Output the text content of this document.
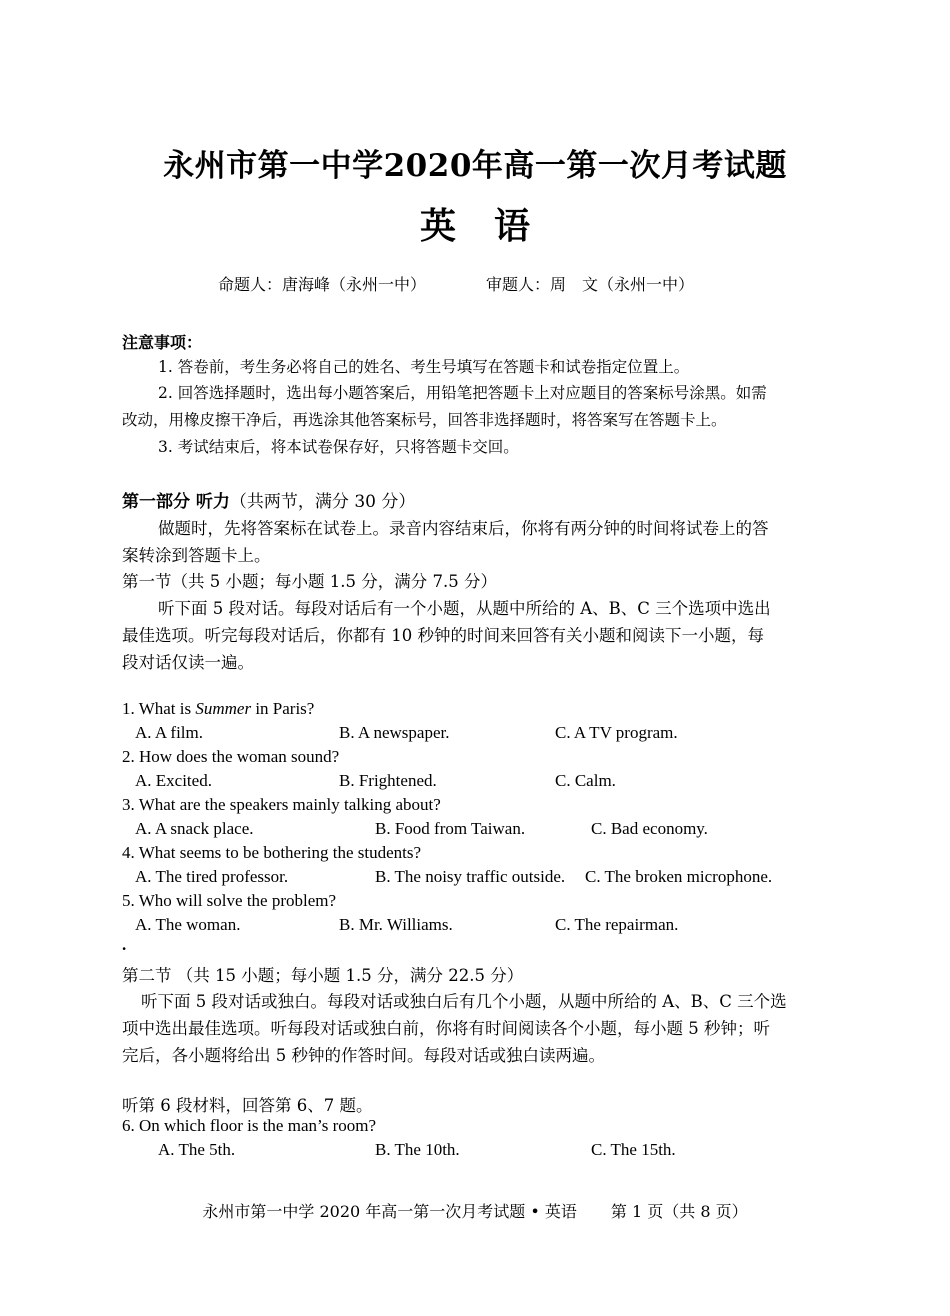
永州市第一中学2020年高一第一次月考试题
英语
命题人：唐海峰（永州一中）	审题人：周　文（永州一中）
注意事项：
1. 答卷前，考生务必将自己的姓名、考生号填写在答题卡和试卷指定位置上。
2. 回答选择题时，选出每小题答案后，用铅笔把答题卡上对应题目的答案标号涂黑。如需
改动，用橡皮擦干净后，再选涂其他答案标号，回答非选择题时，将答案写在答题卡上。
3. 考试结束后，将本试卷保存好，只将答题卡交回。
第一部分 听力（共两节，满分 30 分）
做题时，先将答案标在试卷上。录音内容结束后，你将有两分钟的时间将试卷上的答
案转涂到答题卡上。
第一节（共 5 小题；每小题 1.5 分，满分 7.5 分）
听下面 5 段对话。每段对话后有一个小题，从题中所给的 A、B、C 三个选项中选出
最佳选项。听完每段对话后，你都有 10 秒钟的时间来回答有关小题和阅读下一小题，每
段对话仅读一遍。
1. What is Summer in Paris?
A. A film.	B. A newspaper.	C. A TV program.
2. How does the woman sound?
A. Excited.	B. Frightened.	C. Calm.
3. What are the speakers mainly talking about?
A. A snack place.	B. Food from Taiwan.	C. Bad economy.
4. What seems to be bothering the students?
A. The tired professor.	B. The noisy traffic outside. C. The broken microphone.
5. Who will solve the problem?
A. The woman.	B. Mr. Williams.	C. The repairman.
.
第二节 （共 15 小题；每小题 1.5 分，满分 22.5 分）
听下面 5 段对话或独白。每段对话或独白后有几个小题，从题中所给的 A、B、C 三个选
项中选出最佳选项。听每段对话或独白前，你将有时间阅读各个小题，每小题 5 秒钟；听
完后，各小题将给出 5 秒钟的作答时间。每段对话或独白读两遍。
听第 6 段材料，回答第 6、7 题。
6. On which floor is the man’s room?
A. The 5th.	B. The 10th.	C. The 15th.
永州市第一中学 2020 年高一第一次月考试题 • 英语 第 1 页（共 8 页）
